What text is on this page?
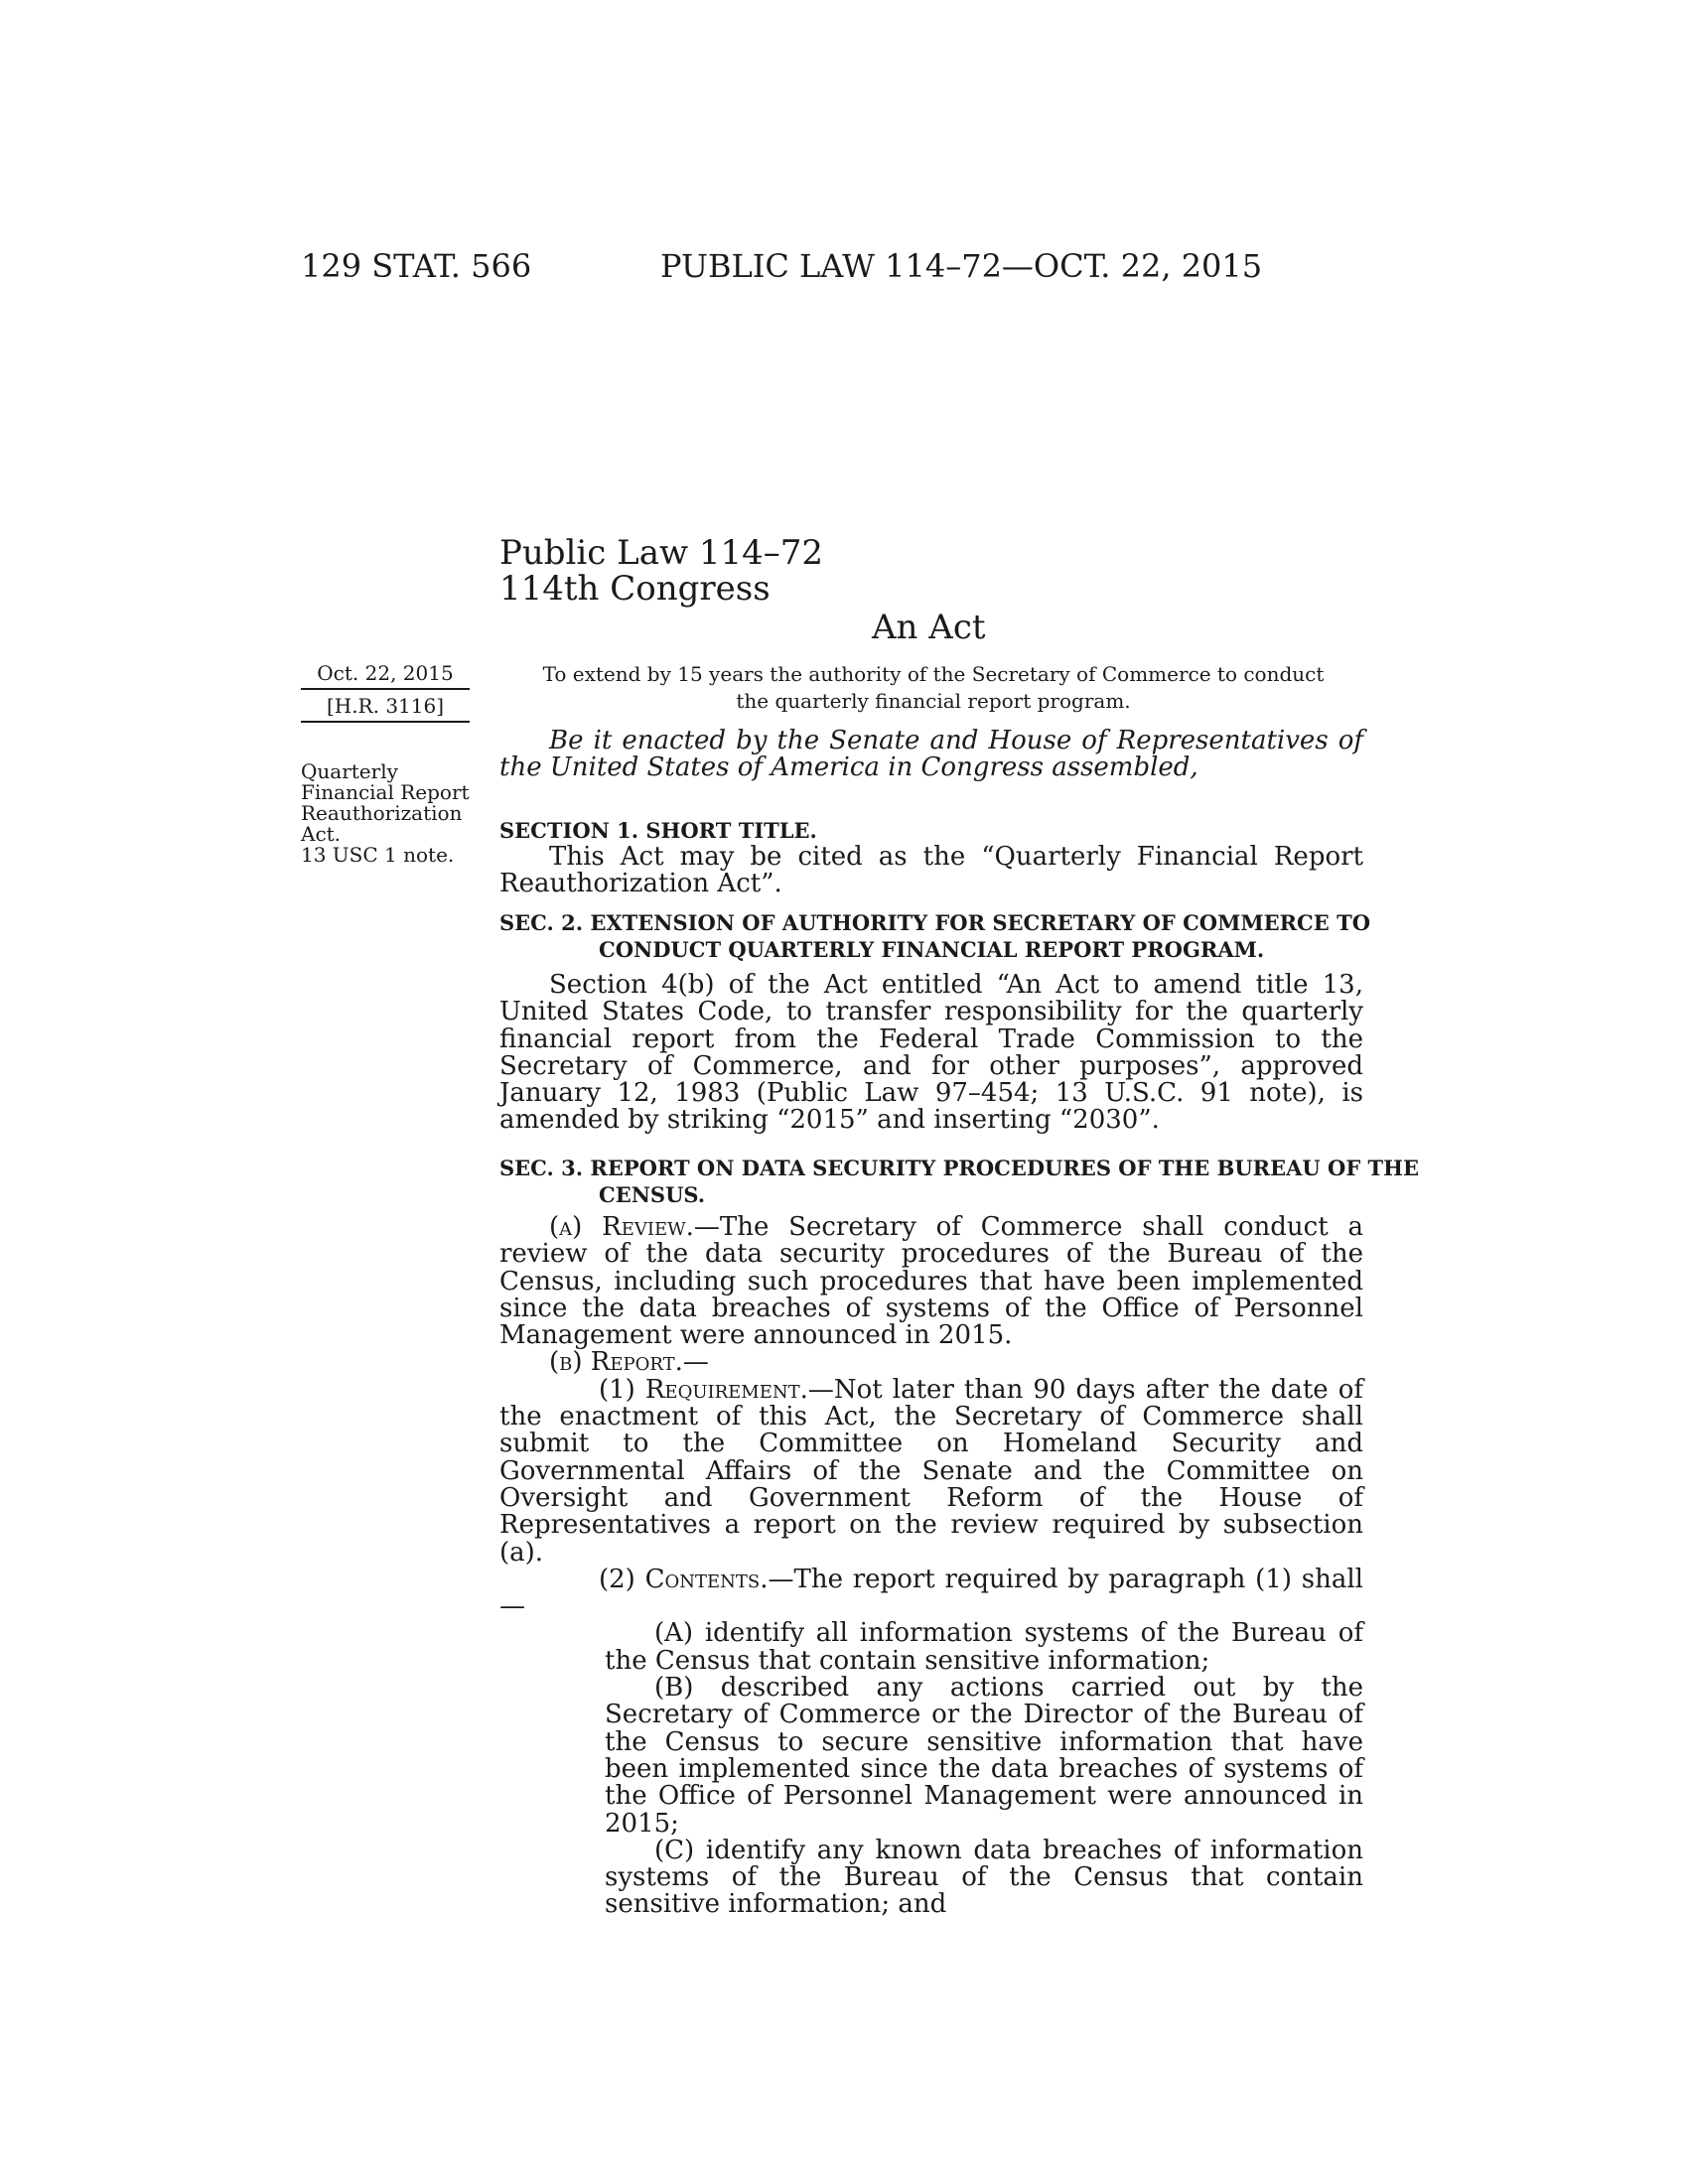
129 STAT. 566	PUBLIC LAW 114–72—OCT. 22, 2015
Public Law 114–72
114th Congress
An Act
To extend by 15 years the authority of the Secretary of Commerce to conduct the quarterly financial report program.
Oct. 22, 2015
[H.R. 3116]
Quarterly
Financial Report
Reauthorization
Act.
13 USC 1 note.

Be it enacted by the Senate and House of Representatives of the United States of America in Congress assembled,

SECTION 1. SHORT TITLE.

This Act may be cited as the “Quarterly Financial Report Reauthorization Act”.

SEC. 2. EXTENSION OF AUTHORITY FOR SECRETARY OF COMMERCE TO CONDUCT QUARTERLY FINANCIAL REPORT PROGRAM.

Section 4(b) of the Act entitled “An Act to amend title 13, United States Code, to transfer responsibility for the quarterly financial report from the Federal Trade Commission to the Secretary of Commerce, and for other purposes”, approved January 12, 1983 (Public Law 97–454; 13 U.S.C. 91 note), is amended by striking “2015” and inserting “2030”.

SEC. 3. REPORT ON DATA SECURITY PROCEDURES OF THE BUREAU OF THE CENSUS.

(a) Review.—The Secretary of Commerce shall conduct a review of the data security procedures of the Bureau of the Census, including such procedures that have been implemented since the data breaches of systems of the Office of Personnel Management were announced in 2015.

(b) Report.—

(1) Requirement.—Not later than 90 days after the date of the enactment of this Act, the Secretary of Commerce shall submit to the Committee on Homeland Security and Governmental Affairs of the Senate and the Committee on Oversight and Government Reform of the House of Representatives a report on the review required by subsection (a).

(2) Contents.—The report required by paragraph (1) shall—

(A) identify all information systems of the Bureau of the Census that contain sensitive information;

(B) described any actions carried out by the Secretary of Commerce or the Director of the Bureau of the Census to secure sensitive information that have been implemented since the data breaches of systems of the Office of Personnel Management were announced in 2015;

(C) identify any known data breaches of information systems of the Bureau of the Census that contain sensitive information; and
